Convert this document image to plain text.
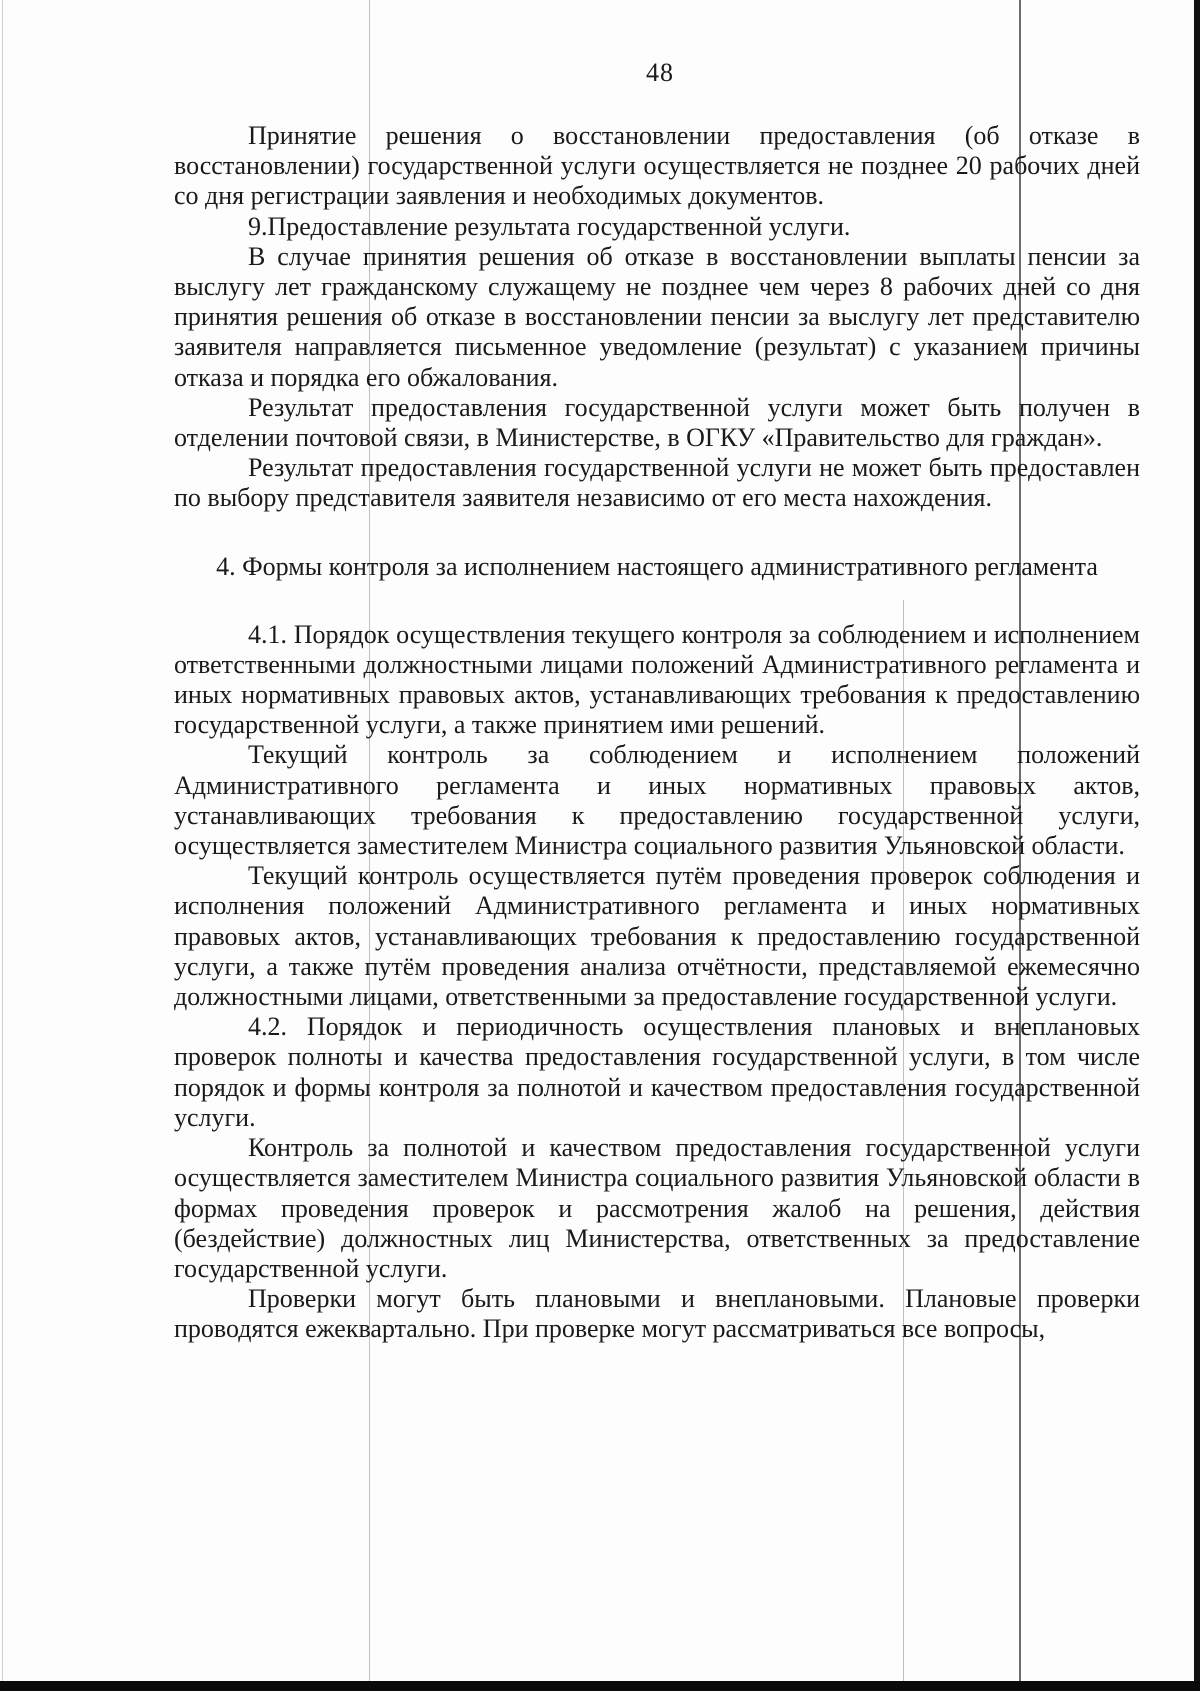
48

Принятие решения о восстановлении предоставления (об отказе в восстановлении) государственной услуги осуществляется не позднее 20 рабочих дней со дня регистрации заявления и необходимых документов.

9.Предоставление результата государственной услуги.

В случае принятия решения об отказе в восстановлении выплаты пенсии за выслугу лет гражданскому служащему не позднее чем через 8 рабочих дней со дня принятия решения об отказе в восстановлении пенсии за выслугу лет представителю заявителя направляется письменное уведомление (результат) с указанием причины отказа и порядка его обжалования.

Результат предоставления государственной услуги может быть получен в отделении почтовой связи, в Министерстве, в ОГКУ «Правительство для граждан».

Результат предоставления государственной услуги не может быть предоставлен по выбору представителя заявителя независимо от его места нахождения.

4. Формы контроля за исполнением настоящего административного регламента

4.1. Порядок осуществления текущего контроля за соблюдением и исполнением ответственными должностными лицами положений Административного регламента и иных нормативных правовых актов, устанавливающих требования к предоставлению государственной услуги, а также принятием ими решений.

Текущий контроль за соблюдением и исполнением положений Административного регламента и иных нормативных правовых актов, устанавливающих требования к предоставлению государственной услуги, осуществляется заместителем Министра социального развития Ульяновской области.

Текущий контроль осуществляется путём проведения проверок соблюдения и исполнения положений Административного регламента и иных нормативных правовых актов, устанавливающих требования к предоставлению государственной услуги, а также путём проведения анализа отчётности, представляемой ежемесячно должностными лицами, ответственными за предоставление государственной услуги.

4.2. Порядок и периодичность осуществления плановых и внеплановых проверок полноты и качества предоставления государственной услуги, в том числе порядок и формы контроля за полнотой и качеством предоставления государственной услуги.

Контроль за полнотой и качеством предоставления государственной услуги осуществляется заместителем Министра социального развития Ульяновской области в формах проведения проверок и рассмотрения жалоб на решения, действия (бездействие) должностных лиц Министерства, ответственных за предоставление государственной услуги.

Проверки могут быть плановыми и внеплановыми. Плановые проверки проводятся ежеквартально. При проверке могут рассматриваться все вопросы,
